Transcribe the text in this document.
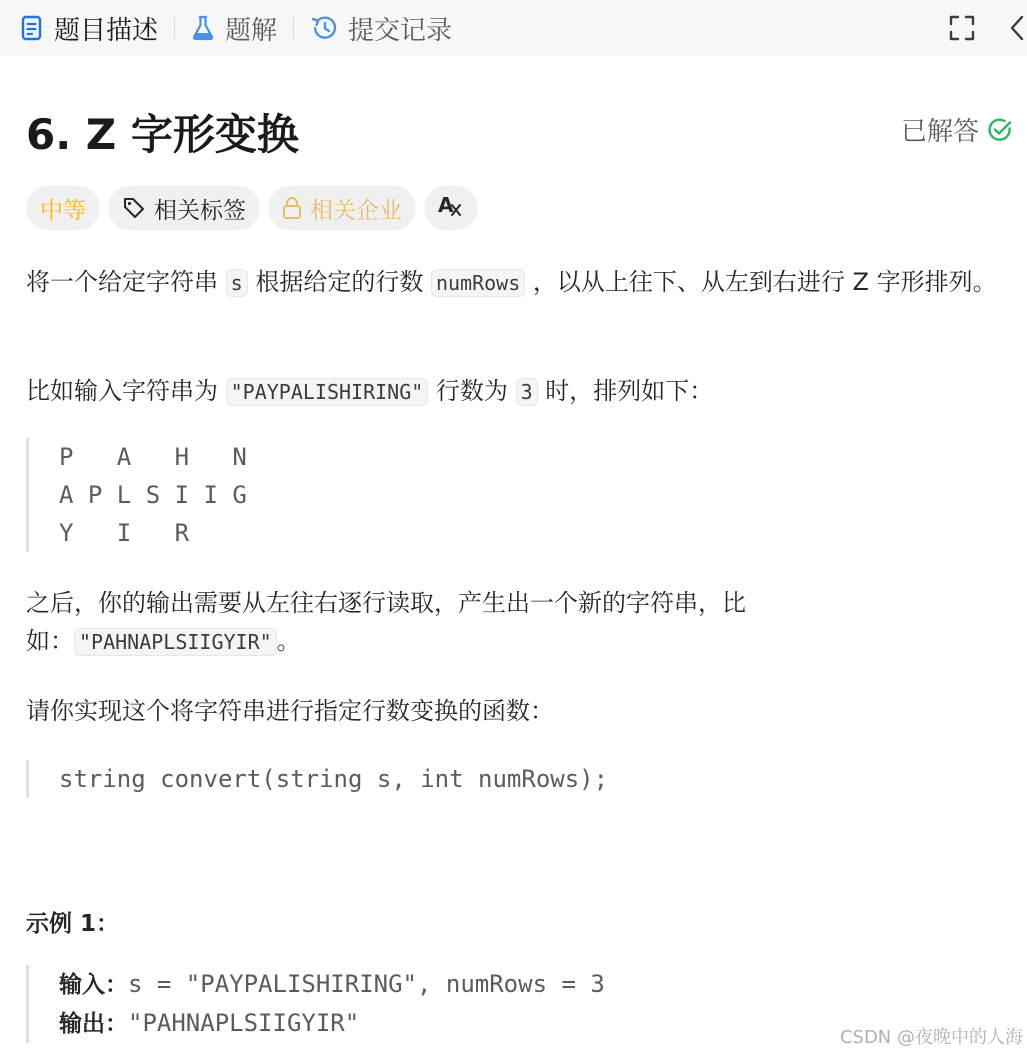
题目描述	题解	提交记录
6. Z 字形变换	已解答
中等	相关标签	相关企业 A
将一个给定字符串 s 根据给定的行数 numRows ，以从上往下、从左到右进行 Z 字形排列。
比如输入字符串为 "PAYPALISHIRING" 行数为 3 时，排列如下：
P   A   H   N
A P L S I I G
Y   I   R
之后，你的输出需要从左往右逐行读取，产生出一个新的字符串，比如： "PAHNAPLSIIGYIR" 。
请你实现这个将字符串进行指定行数变换的函数：
string convert(string s, int numRows);
示例 1：
输入：s = "PAYPALISHIRING", numRows = 3
输出："PAHNAPLSIIGYIR"
CSDN @夜晚中的人海
